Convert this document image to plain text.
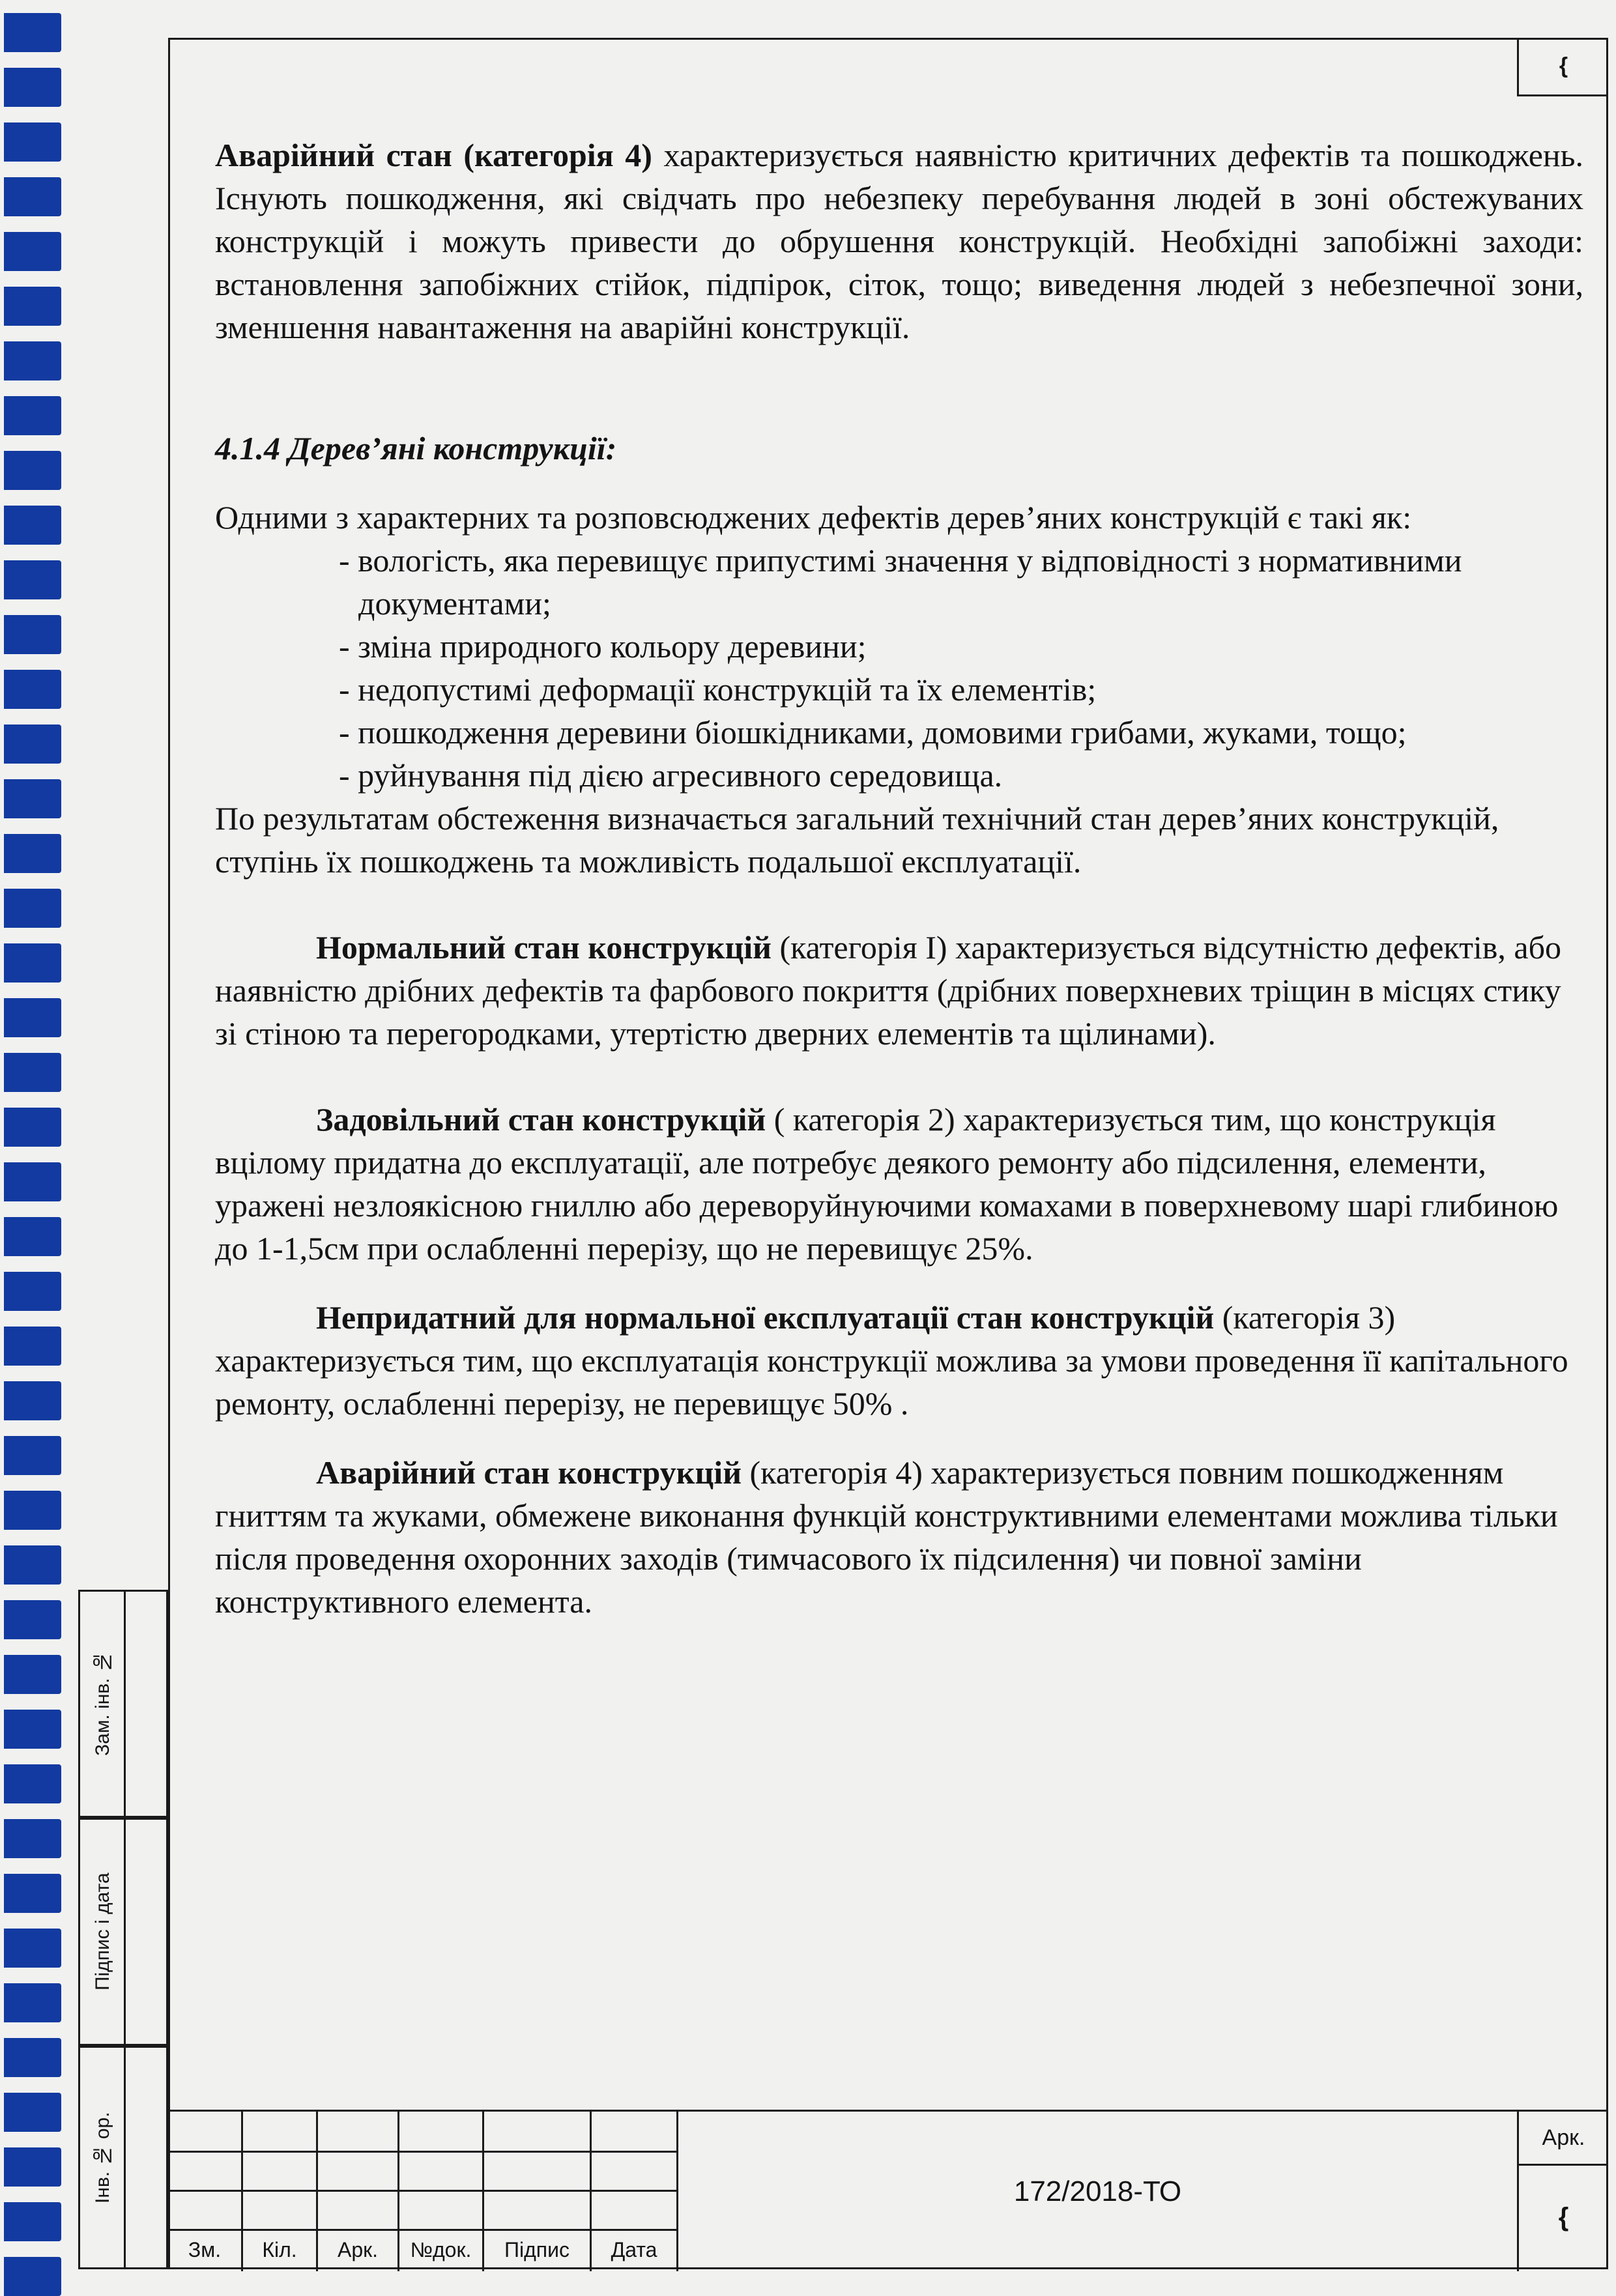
{
Зам. інв. №
Підпис і дата
Інв. № ор.

Аварійний стан (категорія 4) характеризується наявністю критичних дефектів та пошкоджень. Існують пошкодження, які свідчать про небезпеку перебування людей в зоні обстежуваних конструкцій і можуть привести до обрушення конструкцій. Необхідні запобіжні заходи: встановлення запобіжних стійок, підпірок, сіток, тощо; виведення людей з небезпечної зони, зменшення навантаження на аварійні конструкції.

4.1.4 Дерев’яні конструкції:

Одними з характерних та розповсюджених дефектів дерев’яних конструкцій є такі як:

- вологість, яка перевищує припустимі значення у відповідності з нормативними документами;
- зміна природного кольору деревини;
- недопустимі деформації конструкцій та їх елементів;
- пошкодження деревини біошкідниками, домовими грибами, жуками, тощо;
- руйнування під дією агресивного середовища.

По результатам обстеження визначається загальний технічний стан дерев’яних конструкцій, ступінь їх пошкоджень та можливість подальшої експлуатації.

Нормальний стан конструкцій (категорія І) характеризується відсутністю дефектів, або наявністю дрібних дефектів та фарбового покриття (дрібних поверхневих тріщин в місцях стику зі стіною та перегородками, утертістю дверних елементів та щілинами).

Задовільний стан конструкцій ( категорія 2) характеризується тим, що конструкція вцілому придатна до експлуатації, але потребує деякого ремонту або підсилення, елементи, уражені незлоякісною гниллю або дереворуйнуючими комахами в поверхневому шарі глибиною до 1-1,5см при ослабленні перерізу, що не перевищує 25%.

Непридатний для нормальної експлуатації стан конструкцій (категорія 3) характеризується тим, що експлуатація конструкції можлива за умови проведення її капітального ремонту, ослабленні перерізу, не перевищує 50% .

Аварійний стан конструкцій (категорія 4) характеризується повним пошкодженням гниттям та жуками, обмежене виконання функцій конструктивними елементами можлива тільки після проведення охоронних заходів (тимчасового їх підсилення) чи повної заміни конструктивного елемента.

Зм.	Кіл.	Арк.	№док.	Підпис	Дата
172/2018-ТО
Арк.
{
